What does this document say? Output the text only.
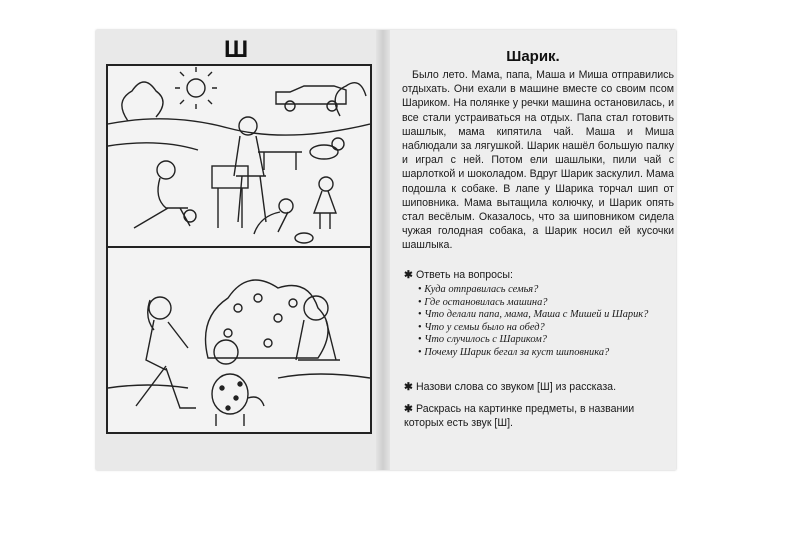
Ш	Шарик.

Было лето. Мама, папа, Маша и Миша отправились отдыхать. Они ехали в машине вместе со своим псом Шариком. На полянке у речки машина остановилась, и все стали устраиваться на отдых. Папа стал готовить шашлык, мама кипятила чай. Маша и Миша наблюдали за лягушкой. Шарик нашёл большую палку и играл с ней. Потом ели шашлыки, пили чай с шарлоткой и шоколадом. Вдруг Шарик заскулил. Мама подошла к собаке. В лапе у Шарика торчал шип от шиповника. Мама вытащила колючку, и Шарик опять стал весёлым. Оказалось, что за шиповником сидела чужая голодная собака, а Шарик носил ей кусочки шашлыка.

✱ Ответь на вопросы:
• Куда отправилась семья?
• Где остановилась машина?
• Что делали папа, мама, Маша с Мишей и Шарик?
• Что у семьи было на обед?
• Что случилось с Шариком?
• Почему Шарик бегал за куст шиповника?
✱ Назови слова со звуком [Ш] из рассказа.
✱ Раскрась на картинке предметы, в названии которых есть звук [Ш].
